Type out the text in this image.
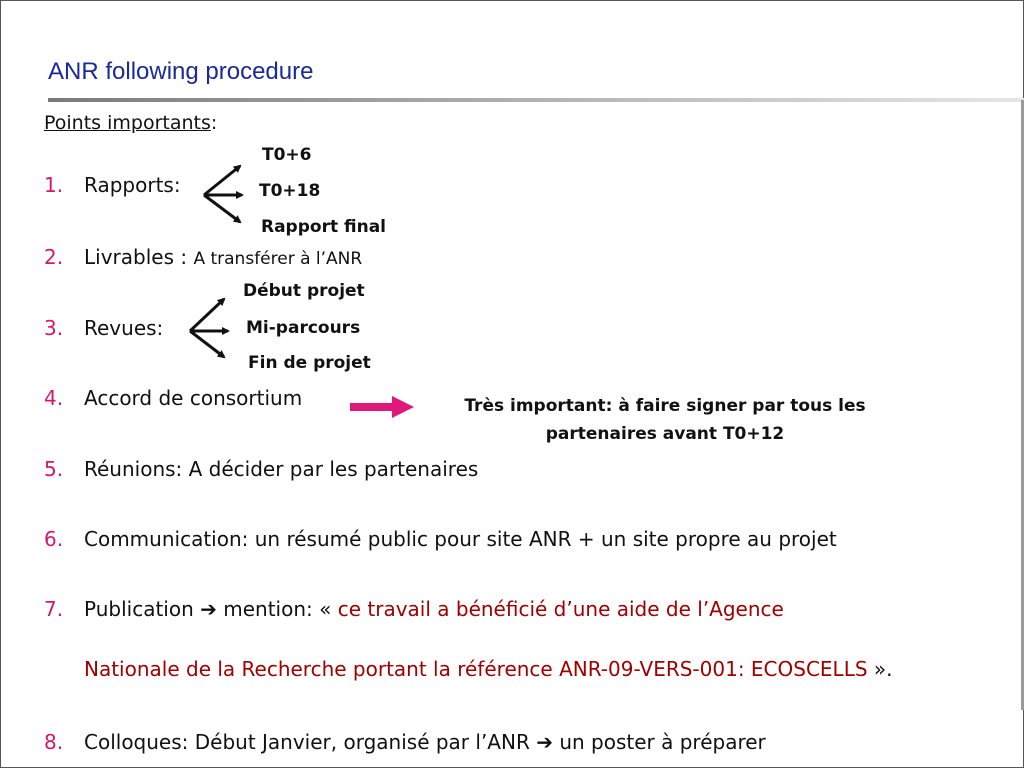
ANR following procedure
Points importants:
1. Rapports:
T0+6
T0+18
Rapport final
2. Livrables : A transférer à l’ANR
3. Revues:
Début projet
Mi-parcours
Fin de projet
4. Accord de consortium	Très important: à faire signer par tous les
partenaires avant T0+12
5. Réunions: A décider par les partenaires
6. Communication: un résumé public pour site ANR + un site propre au projet
7. Publication ➔ mention: « ce travail a bénéficié d’une aide de l’Agence
Nationale de la Recherche portant la référence ANR-09-VERS-001: ECOSCELLS ».
8. Colloques: Début Janvier, organisé par l’ANR ➔ un poster à préparer
